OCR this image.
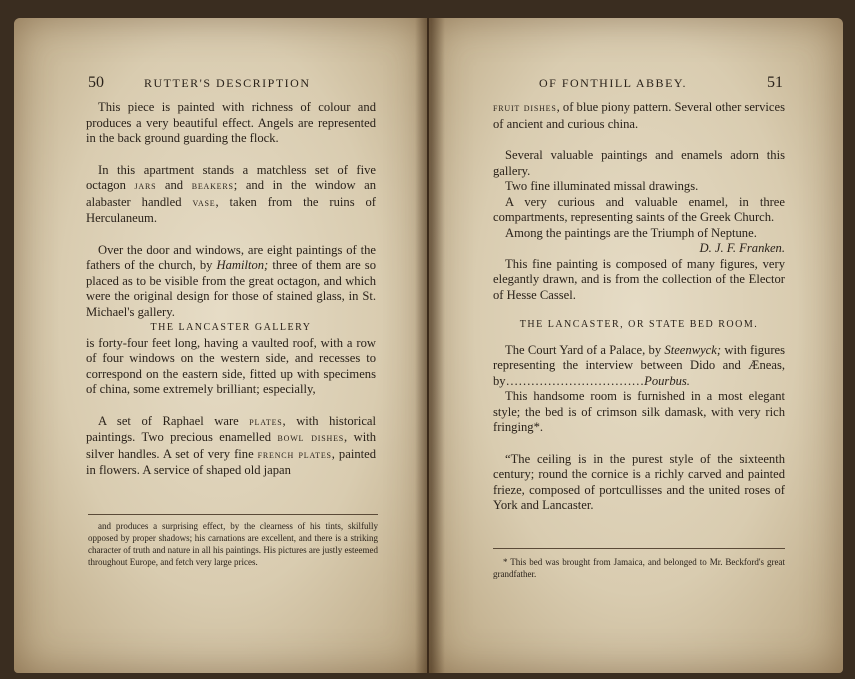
50	RUTTER'S DESCRIPTION

This piece is painted with richness of colour and produces a very beautiful effect. Angels are represented in the back ground guarding the flock.

In this apartment stands a matchless set of five octagon jars and beakers; and in the window an alabaster handled vase, taken from the ruins of Herculaneum.

Over the door and windows, are eight paintings of the fathers of the church, by Hamilton; three of them are so placed as to be visible from the great octagon, and which were the original design for those of stained glass, in St. Michael's gallery.

THE LANCASTER GALLERY

is forty-four feet long, having a vaulted roof, with a row of four windows on the western side, and recesses to correspond on the eastern side, fitted up with specimens of china, some extremely brilliant; especially,

A set of Raphael ware plates, with historical paintings. Two precious enamelled bowl dishes, with silver handles. A set of very fine french plates, painted in flowers. A service of shaped old japan

and produces a surprising effect, by the clearness of his tints, skilfully opposed by proper shadows; his carnations are excellent, and there is a striking character of truth and nature in all his paintings. His pictures are justly esteemed throughout Europe, and fetch very large prices.

OF FONTHILL ABBEY.	51

fruit dishes, of blue piony pattern. Several other services of ancient and curious china.

Several valuable paintings and enamels adorn this gallery.

Two fine illuminated missal drawings.

A very curious and valuable enamel, in three compartments, representing saints of the Greek Church.

Among the paintings are the Triumph of Neptune.

D. J. F. Franken.

This fine painting is composed of many figures, very elegantly drawn, and is from the collection of the Elector of Hesse Cassel.

THE LANCASTER, OR STATE BED ROOM.

The Court Yard of a Palace, by Steenwyck; with figures representing the interview between Dido and Æneas, by……………………………Pourbus.

This handsome room is furnished in a most elegant style; the bed is of crimson silk damask, with very rich fringing*.

“The ceiling is in the purest style of the sixteenth century; round the cornice is a richly carved and painted frieze, composed of portcullisses and the united roses of York and Lancaster.

* This bed was brought from Jamaica, and belonged to Mr. Beckford's great grandfather.
